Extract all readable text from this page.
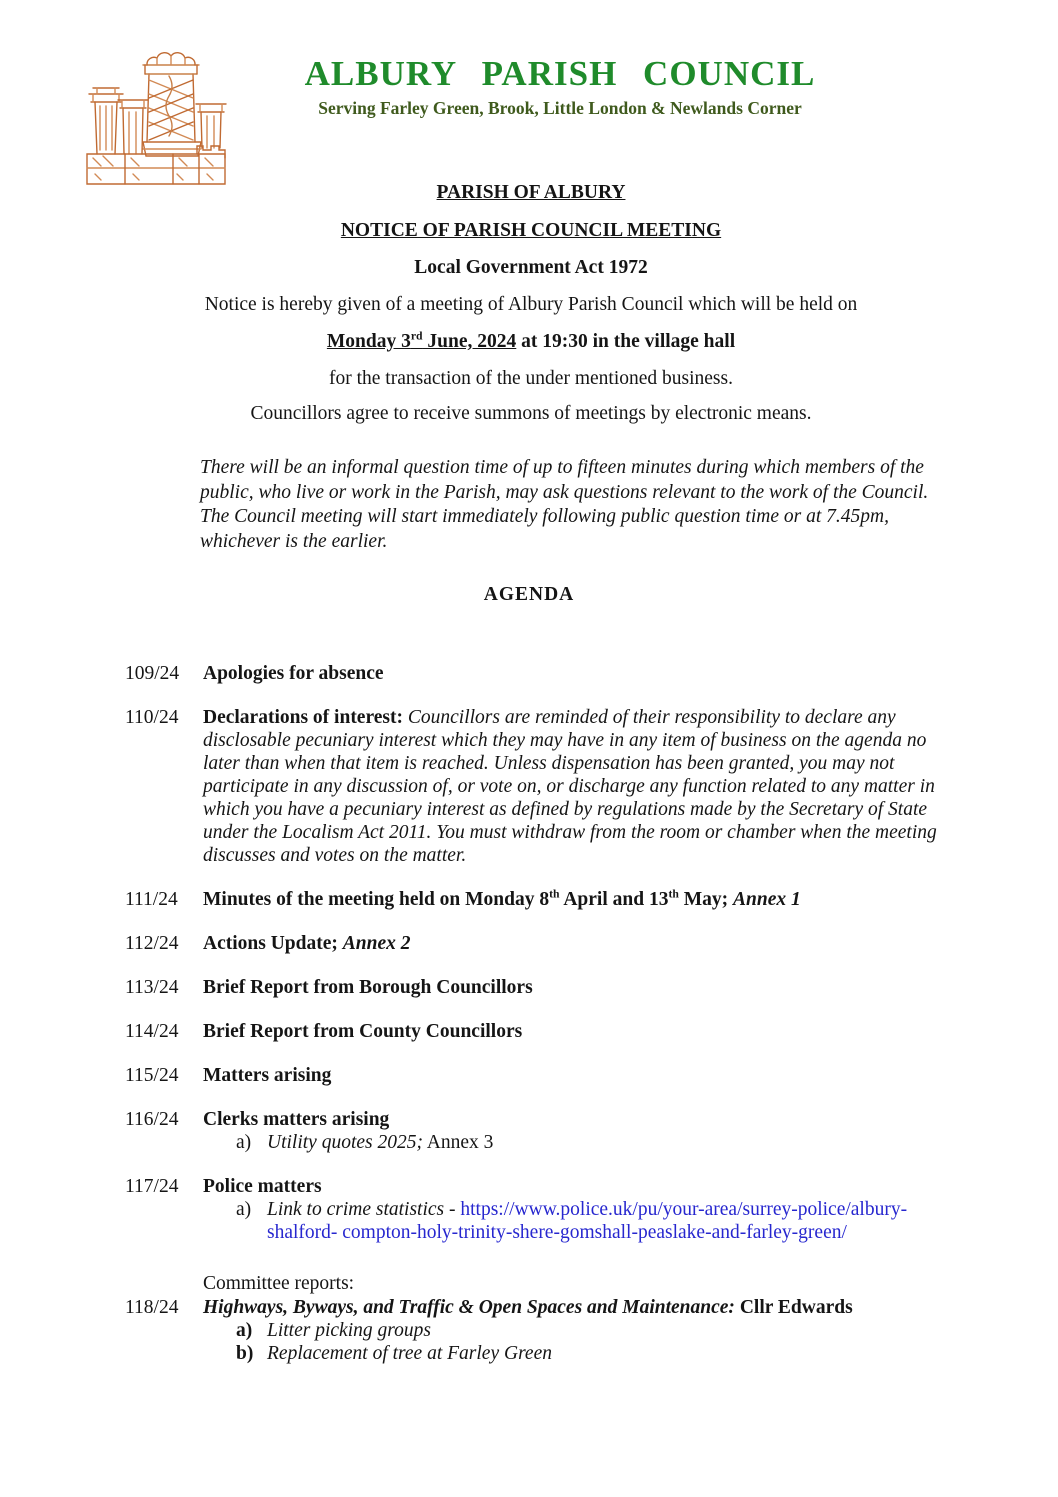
ALBURY PARISH COUNCIL
Serving Farley Green, Brook, Little London & Newlands Corner

PARISH OF ALBURY

NOTICE OF PARISH COUNCIL MEETING

Local Government Act 1972

Notice is hereby given of a meeting of Albury Parish Council which will be held on

Monday 3rd June, 2024 at 19:30 in the village hall

for the transaction of the under mentioned business.

Councillors agree to receive summons of meetings by electronic means.

There will be an informal question time of up to fifteen minutes during which members of the public, who live or work in the Parish, may ask questions relevant to the work of the Council. The Council meeting will start immediately following public question time or at 7.45pm, whichever is the earlier.
AGENDA
109/24	Apologies for absence
110/24	Declarations of interest: Councillors are reminded of their responsibility to declare any disclosable pecuniary interest which they may have in any item of business on the agenda no later than when that item is reached. Unless dispensation has been granted, you may not participate in any discussion of, or vote on, or discharge any function related to any matter in which you have a pecuniary interest as defined by regulations made by the Secretary of State under the Localism Act 2011. You must withdraw from the room or chamber when the meeting discusses and votes on the matter.
111/24	Minutes of the meeting held on Monday 8th April and 13th May; Annex 1
112/24	Actions Update; Annex 2
113/24	Brief Report from Borough Councillors
114/24	Brief Report from County Councillors
115/24	Matters arising
116/24	Clerks matters arising
a) Utility quotes 2025; Annex 3
117/24	Police matters
a) Link to crime statistics - https://www.police.uk/pu/your-area/surrey-police/albury-shalford- compton-holy-trinity-shere-gomshall-peaslake-and-farley-green/
Committee reports:
118/24	Highways, Byways, and Traffic & Open Spaces and Maintenance: Cllr Edwards
a) Litter picking groups
b) Replacement of tree at Farley Green
